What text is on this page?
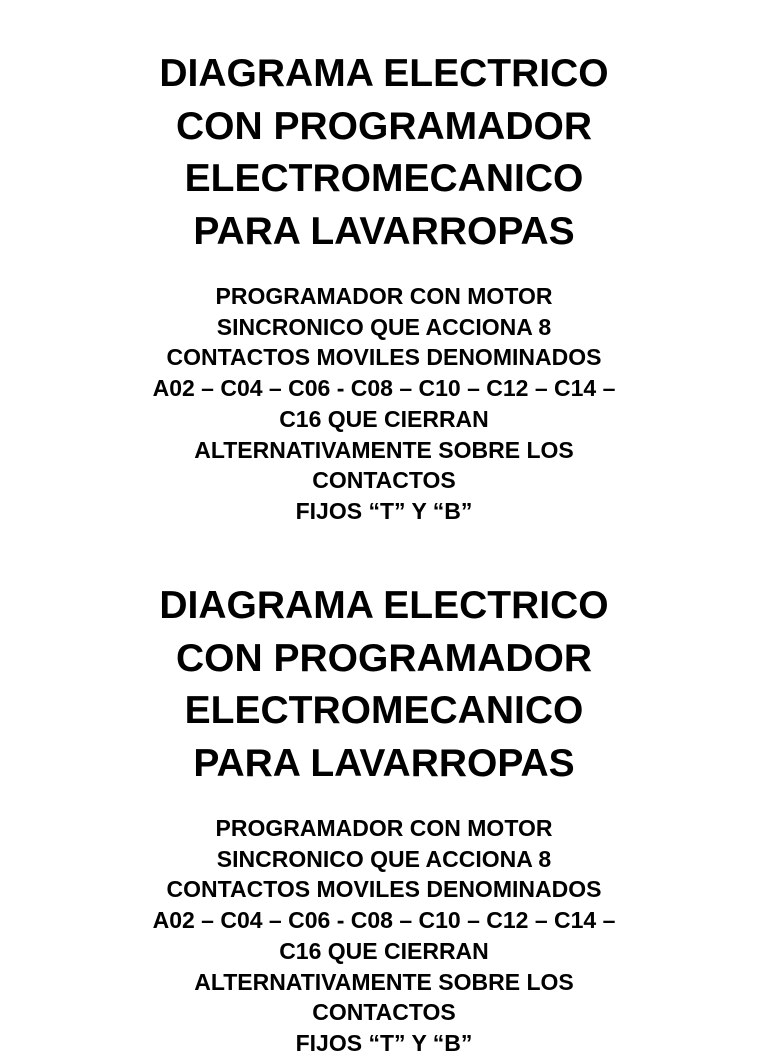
DIAGRAMA ELECTRICO
CON PROGRAMADOR
ELECTROMECANICO
PARA LAVARROPAS

PROGRAMADOR CON MOTOR
SINCRONICO QUE ACCIONA 8
CONTACTOS MOVILES DENOMINADOS
A02 – C04 – C06 - C08 – C10 – C12 – C14 –
C16 QUE CIERRAN
ALTERNATIVAMENTE SOBRE LOS
CONTACTOS
FIJOS “T” Y “B”

DIAGRAMA ELECTRICO
CON PROGRAMADOR
ELECTROMECANICO
PARA LAVARROPAS

PROGRAMADOR CON MOTOR
SINCRONICO QUE ACCIONA 8
CONTACTOS MOVILES DENOMINADOS
A02 – C04 – C06 - C08 – C10 – C12 – C14 –
C16 QUE CIERRAN
ALTERNATIVAMENTE SOBRE LOS
CONTACTOS
FIJOS “T” Y “B”
